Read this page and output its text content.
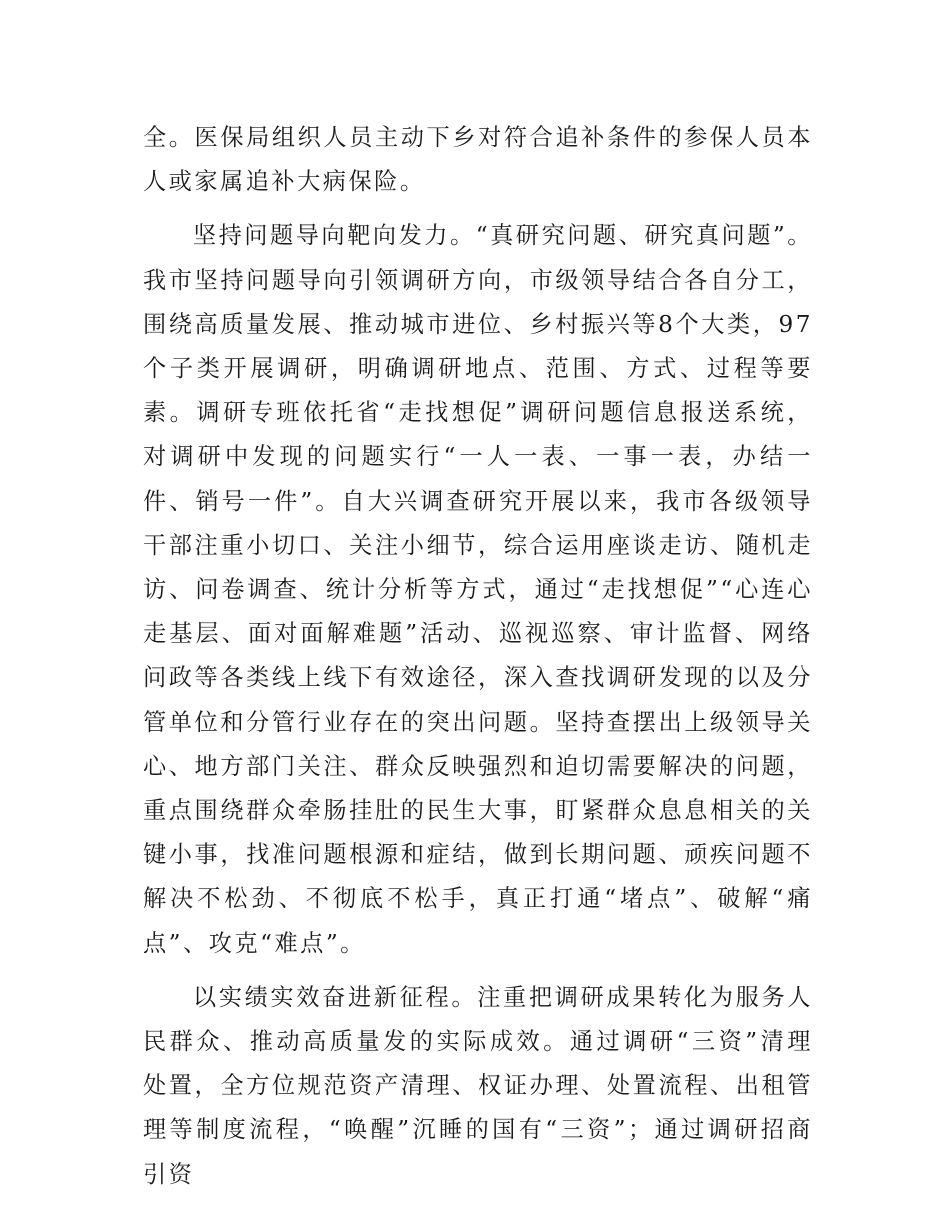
全。医保局组织人员主动下乡对符合追补条件的参保人员本人或家属追补大病保险。

坚持问题导向靶向发力。“真研究问题、研究真问题”。我市坚持问题导向引领调研方向，市级领导结合各自分工，围绕高质量发展、推动城市进位、乡村振兴等8个大类，97个子类开展调研，明确调研地点、范围、方式、过程等要素。调研专班依托省“走找想促”调研问题信息报送系统，对调研中发现的问题实行“一人一表、一事一表，办结一件、销号一件”。自大兴调查研究开展以来，我市各级领导干部注重小切口、关注小细节，综合运用座谈走访、随机走访、问卷调查、统计分析等方式，通过“走找想促”“心连心走基层、面对面解难题”活动、巡视巡察、审计监督、网络问政等各类线上线下有效途径，深入查找调研发现的以及分管单位和分管行业存在的突出问题。坚持查摆出上级领导关心、地方部门关注、群众反映强烈和迫切需要解决的问题，重点围绕群众牵肠挂肚的民生大事，盯紧群众息息相关的关键小事，找准问题根源和症结，做到长期问题、顽疾问题不解决不松劲、不彻底不松手，真正打通“堵点”、破解“痛点”、攻克“难点”。

以实绩实效奋进新征程。注重把调研成果转化为服务人民群众、推动高质量发的实际成效。通过调研“三资”清理处置，全方位规范资产清理、权证办理、处置流程、出租管理等制度流程，“唤醒”沉睡的国有“三资”；通过调研招商引资
